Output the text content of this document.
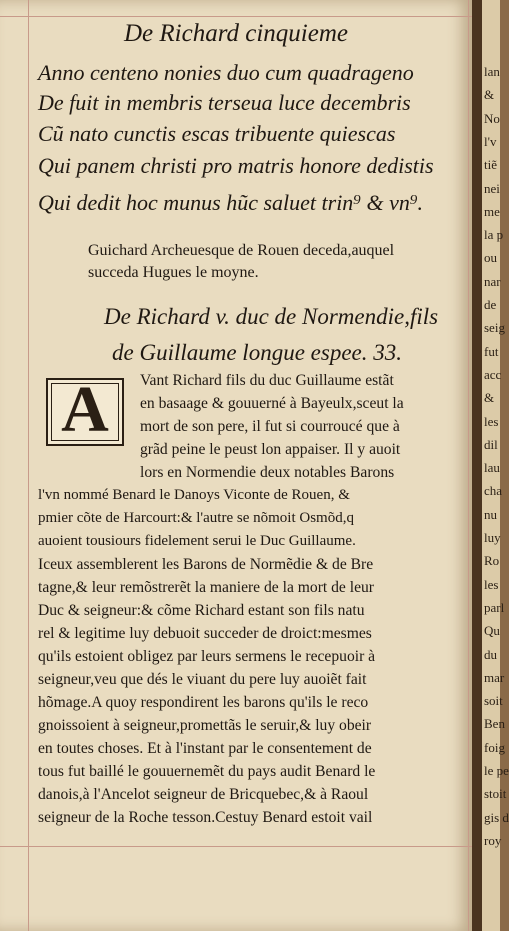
De Richard cinquieme
Anno centeno nonies duo cum quadrageno
De fuit in membris terseua luce decembris
Cũ nato cunctis escas tribuente quiescas
Qui panem christi pro matris honore dedistis
Qui dedit hoc munus hũc saluet trin⁹ & vn⁹.
Guichard Archeuesque de Rouen deceda,auquel
succeda Hugues le moyne.
De Richard v. duc de Normendie,fils
de Guillaume longue espee. 33.
A	Vant Richard fils du duc Guillaume estãt
en basaage & gouuerné à Bayeulx,sceut la
mort de son pere, il fut si courroucé que à
grãd peine le peust lon appaiser. Il y auoit
lors en Normendie deux notables Barons
l'vn nommé Benard le Danoys Viconte de Rouen, &
pmier cõte de Harcourt:& l'autre se nõmoit Osmõd,q
auoient tousiours fidelement serui le Duc Guillaume.
Iceux assemblerent les Barons de Normẽdie & de Bre
tagne,& leur remõstrerẽt la maniere de la mort de leur
Duc & seigneur:& cõme Richard estant son fils natu
rel & legitime luy debuoit succeder de droict:mesmes
qu'ils estoient obligez par leurs sermens le recepuoir à
seigneur,veu que dés le viuant du pere luy auoiẽt fait
hõmage.A quoy respondirent les barons qu'ils le reco
gnoissoient à seigneur,promettãs le seruir,& luy obeir
en toutes choses. Et à l'instant par le consentement de
tous fut baillé le gouuernemẽt du pays audit Benard le
danois,à l'Ancelot seigneur de Bricquebec,& à Raoul
seigneur de la Roche tesson.Cestuy Benard estoit vail
lan
&
No
l'v
tiẽ
nei
me
la p
ou
nar
de
seig
fut
acc
&
les
dil
lau
cha
nu
luy
Ro
les
parl
Qu
du
mar
soit
Ben
foig
le pe
stoit
gis d
roy
